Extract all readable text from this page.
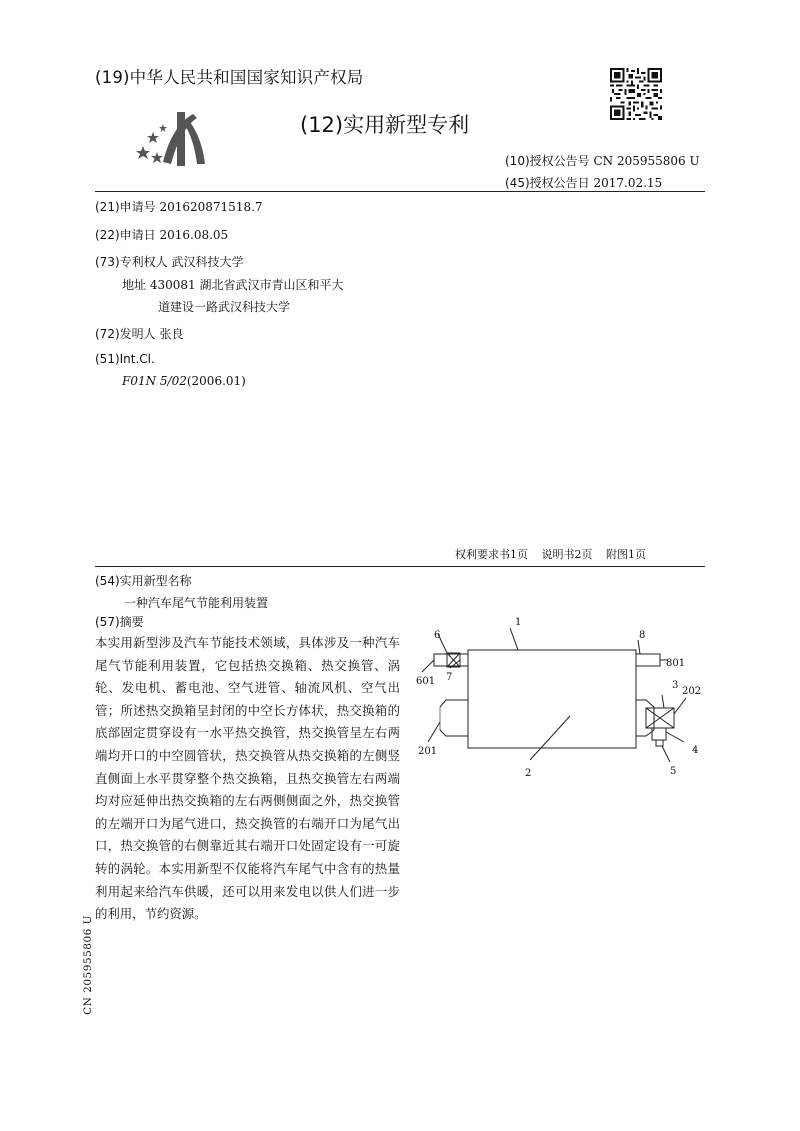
(19)中华人民共和国国家知识产权局
(12)实用新型专利
(10)授权公告号 CN 205955806 U
(45)授权公告日 2017.02.15
(21)申请号 201620871518.7
(22)申请日 2016.08.05
(73)专利权人 武汉科技大学
地址 430081 湖北省武汉市青山区和平大
道建设一路武汉科技大学
(72)发明人 张良
(51)Int.Cl.
F01N 5/02(2006.01)
权利要求书1页 说明书2页 附图1页
(54)实用新型名称
一种汽车尾气节能利用装置
(57)摘要
本实用新型涉及汽车节能技术领域，具体涉及一种汽车尾气节能利用装置，它包括热交换箱、热交换管、涡轮、发电机、蓄电池、空气进管、轴流风机、空气出管；所述热交换箱呈封闭的中空长方体状，热交换箱的底部固定贯穿设有一水平热交换管，热交换管呈左右两端均开口的中空圆管状，热交换管从热交换箱的左侧竖直侧面上水平贯穿整个热交换箱，且热交换管左右两端均对应延伸出热交换箱的左右两侧侧面之外，热交换管的左端开口为尾气进口，热交换管的右端开口为尾气出口，热交换管的右侧靠近其右端开口处固定设有一可旋转的涡轮。本实用新型不仅能将汽车尾气中含有的热量利用起来给汽车供暖，还可以用来发电以供人们进一步的利用，节约资源。
1
2
3
4
5
6
7
8
201
202
601
801
CN 205955806 U
